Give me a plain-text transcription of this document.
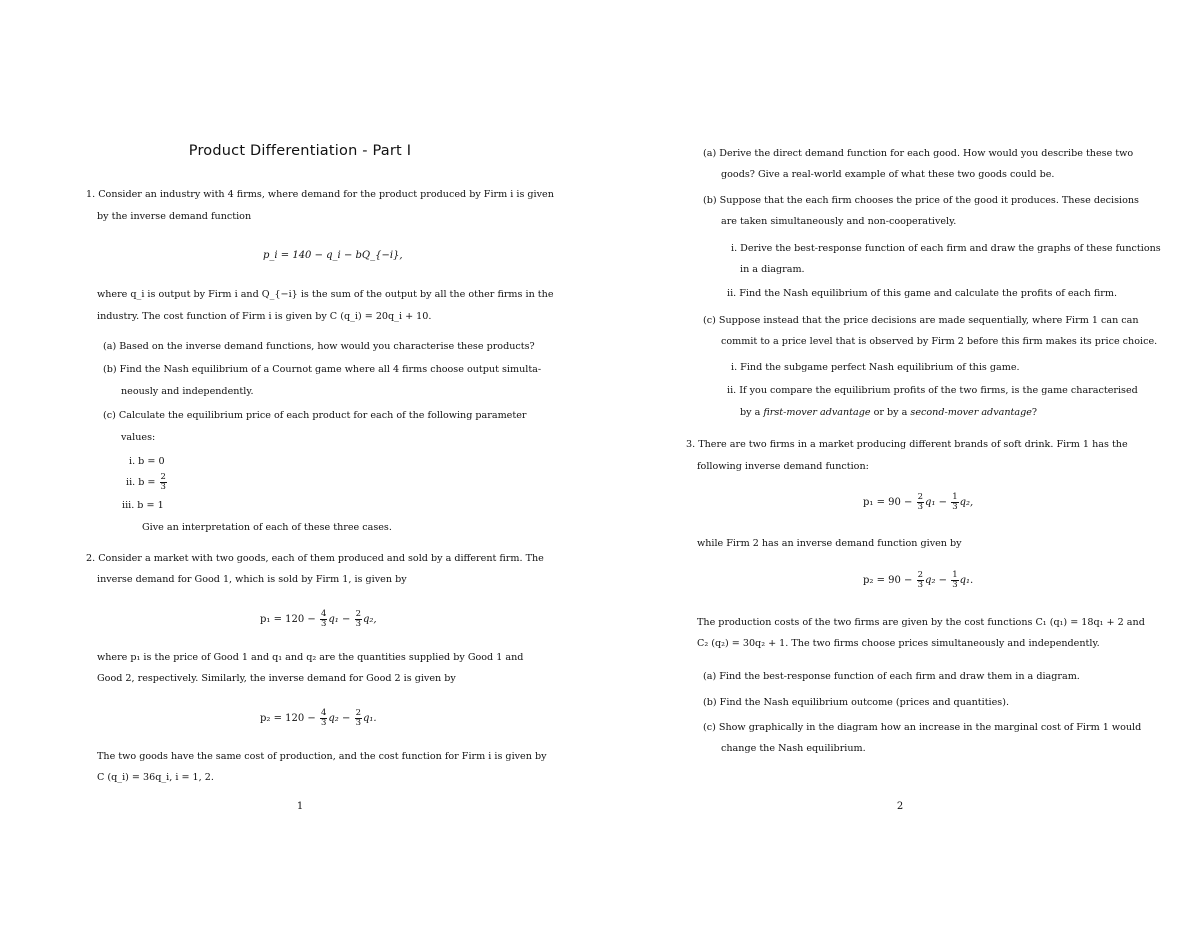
Product Differentiation - Part I
1. Consider an industry with 4 firms, where demand for the product produced by Firm i is given
by the inverse demand function
p_i = 140 − q_i − bQ_{−i},
where q_i is output by Firm i and Q_{−i} is the sum of the output by all the other firms in the
industry. The cost function of Firm i is given by C (q_i) = 20q_i + 10.
(a) Based on the inverse demand functions, how would you characterise these products?
(b) Find the Nash equilibrium of a Cournot game where all 4 firms choose output simulta-
neously and independently.
(c) Calculate the equilibrium price of each product for each of the following parameter
values:
i. b = 0
ii. $b = \frac{2}{3}$
iii. b = 1
Give an interpretation of each of these three cases.
2. Consider a market with two goods, each of them produced and sold by a different firm. The
inverse demand for Good 1, which is sold by Firm 1, is given by
$p_1 = 120 - \frac{4}{3} q_1 - \frac{2}{3} q_2$,
where p₁ is the price of Good 1 and q₁ and q₂ are the quantities supplied by Good 1 and
Good 2, respectively. Similarly, the inverse demand for Good 2 is given by
$p_2 = 120 - \frac{4}{3} q_2 - \frac{2}{3} q_1$.
The two goods have the same cost of production, and the cost function for Firm i is given by
C (q_i) = 36q_i, i = 1, 2.
1
(a) Derive the direct demand function for each good. How would you describe these two
goods? Give a real-world example of what these two goods could be.
(b) Suppose that the each firm chooses the price of the good it produces. These decisions
are taken simultaneously and non-cooperatively.
i. Derive the best-response function of each firm and draw the graphs of these functions
in a diagram.
ii. Find the Nash equilibrium of this game and calculate the profits of each firm.
(c) Suppose instead that the price decisions are made sequentially, where Firm 1 can can
commit to a price level that is observed by Firm 2 before this firm makes its price choice.
i. Find the subgame perfect Nash equilibrium of this game.
ii. If you compare the equilibrium profits of the two firms, is the game characterised
by a first-mover advantage or by a second-mover advantage?
3. There are two firms in a market producing different brands of soft drink. Firm 1 has the
following inverse demand function:
$p_1 = 90 - \frac{2}{3} q_1 - \frac{1}{3} q_2$,
while Firm 2 has an inverse demand function given by
$p_2 = 90 - \frac{2}{3} q_2 - \frac{1}{3} q_1$.
The production costs of the two firms are given by the cost functions C₁ (q₁) = 18q₁ + 2 and
C₂ (q₂) = 30q₂ + 1. The two firms choose prices simultaneously and independently.
(a) Find the best-response function of each firm and draw them in a diagram.
(b) Find the Nash equilibrium outcome (prices and quantities).
(c) Show graphically in the diagram how an increase in the marginal cost of Firm 1 would
change the Nash equilibrium.
2
